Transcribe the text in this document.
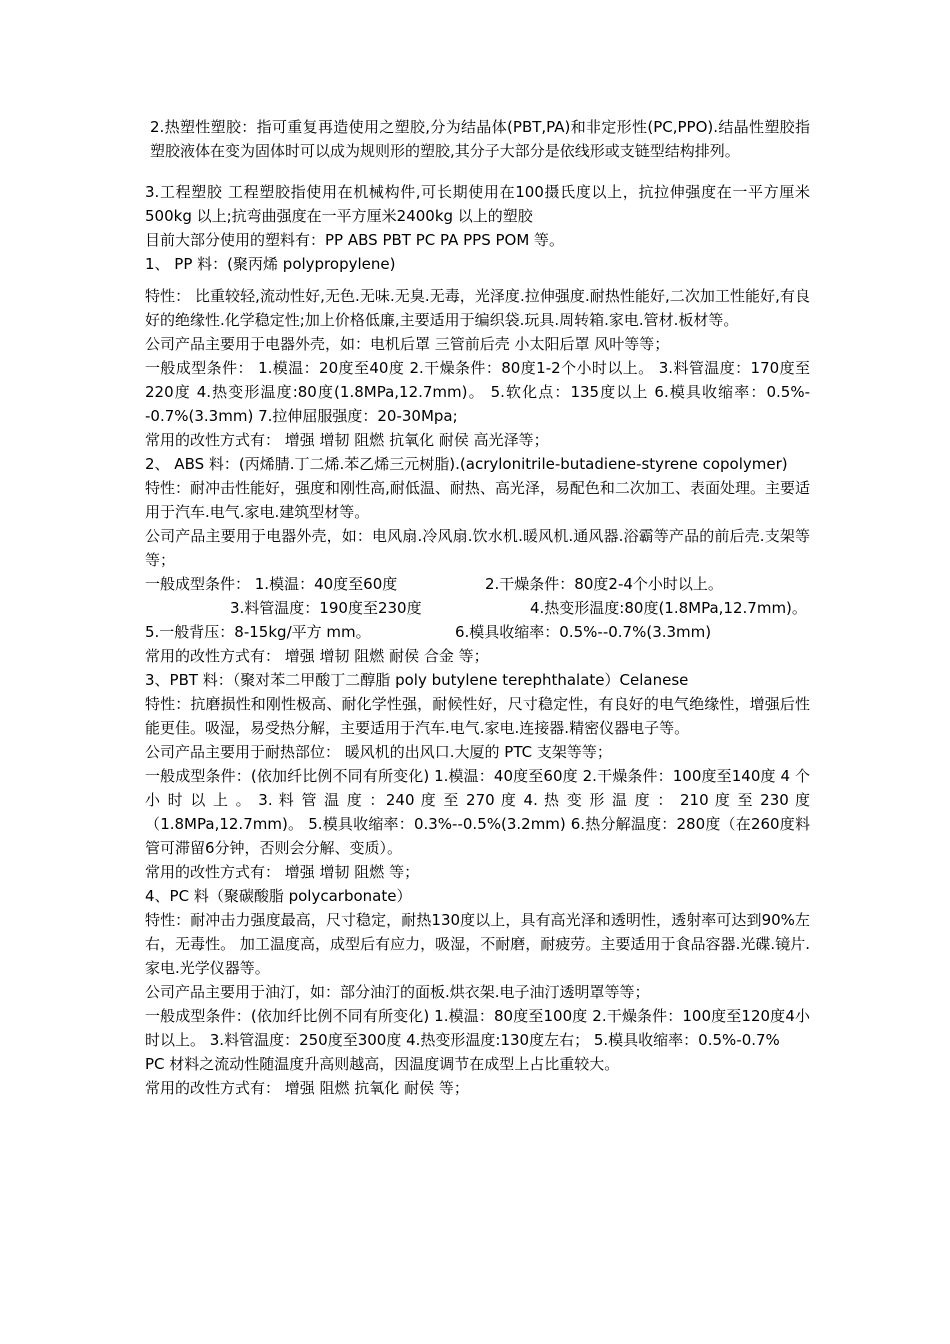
2.热塑性塑胶：指可重复再造使用之塑胶,分为结晶体(PBT,PA)和非定形性(PC,PPO).结晶性塑胶指塑胶液体在变为固体时可以成为规则形的塑胶,其分子大部分是依线形或支链型结构排列。

3.工程塑胶 工程塑胶指使用在机械构件,可长期使用在100摄氏度以上，抗拉伸强度在一平方厘米500kg 以上;抗弯曲强度在一平方厘米2400kg 以上的塑胶

目前大部分使用的塑料有：PP ABS PBT PC PA PPS POM 等。

1、 PP 料：(聚丙烯 polypropylene)

特性： 比重较轻,流动性好,无色.无味.无臭.无毒，光泽度.拉伸强度.耐热性能好,二次加工性能好,有良好的绝缘性.化学稳定性;加上价格低廉,主要适用于编织袋.玩具.周转箱.家电.管材.板材等。

公司产品主要用于电器外壳，如：电机后罩 三管前后壳 小太阳后罩 风叶等等；

一般成型条件： 1.模温：20度至40度 2.干燥条件：80度1-2个小时以上。 3.料管温度：170度至220度 4.热变形温度:80度(1.8MPa,12.7mm)。 5.软化点：135度以上 6.模具收缩率：0.5%--0.7%(3.3mm) 7.拉伸屈服强度：20-30Mpa;

常用的改性方式有： 增强 增韧 阻燃 抗氧化 耐侯 高光泽等；

2、 ABS 料：(丙烯腈.丁二烯.苯乙烯三元树脂).(acrylonitrile-butadiene-styrene copolymer)

特性：耐冲击性能好，强度和刚性高,耐低温、耐热、高光泽，易配色和二次加工、表面处理。主要适用于汽车.电气.家电.建筑型材等。

公司产品主要用于电器外壳，如：电风扇.冷风扇.饮水机.暖风机.通风器.浴霸等产品的前后壳.支架等等；

一般成型条件： 1.模温：40度至60度	2.干燥条件：80度2-4个小时以上。
3.料管温度：190度至230度	4.热变形温度:80度(1.8MPa,12.7mm)。
5.一般背压：8-15kg/平方 mm。	6.模具收缩率：0.5%--0.7%(3.3mm)

常用的改性方式有： 增强 增韧 阻燃 耐侯 合金 等；

3、PBT 料：（聚对苯二甲酸丁二醇脂 poly butylene terephthalate）Celanese

特性：抗磨损性和刚性极高、耐化学性强，耐候性好，尺寸稳定性，有良好的电气绝缘性，增强后性能更佳。吸湿，易受热分解，主要适用于汽车.电气.家电.连接器.精密仪器电子等。

公司产品主要用于耐热部位： 暖风机的出风口.大厦的 PTC 支架等等；

一般成型条件：(依加纤比例不同有所变化) 1.模温：40度至60度 2.干燥条件：100度至140度 4 个 小 时 以 上 。 3. 料 管 温 度 ：240 度 至 270 度 4. 热 变 形 温 度 ： 210 度 至 230 度（1.8MPa,12.7mm)。 5.模具收缩率：0.3%--0.5%(3.2mm) 6.热分解温度：280度（在260度料管可滞留6分钟，否则会分解、变质）。

常用的改性方式有： 增强 增韧 阻燃 等；

4、PC 料（聚碳酸脂 polycarbonate）

特性：耐冲击力强度最高，尺寸稳定，耐热130度以上，具有高光泽和透明性，透射率可达到90%左右，无毒性。 加工温度高，成型后有应力，吸湿，不耐磨，耐疲劳。主要适用于食品容器.光碟.镜片.家电.光学仪器等。

公司产品主要用于油汀，如：部分油汀的面板.烘衣架.电子油汀透明罩等等；

一般成型条件：(依加纤比例不同有所变化) 1.模温：80度至100度 2.干燥条件：100度至120度4小时以上。 3.料管温度：250度至300度 4.热变形温度:130度左右； 5.模具收缩率：0.5%-0.7%

PC 材料之流动性随温度升高则越高，因温度调节在成型上占比重较大。

常用的改性方式有： 增强 阻燃 抗氧化 耐侯 等；
